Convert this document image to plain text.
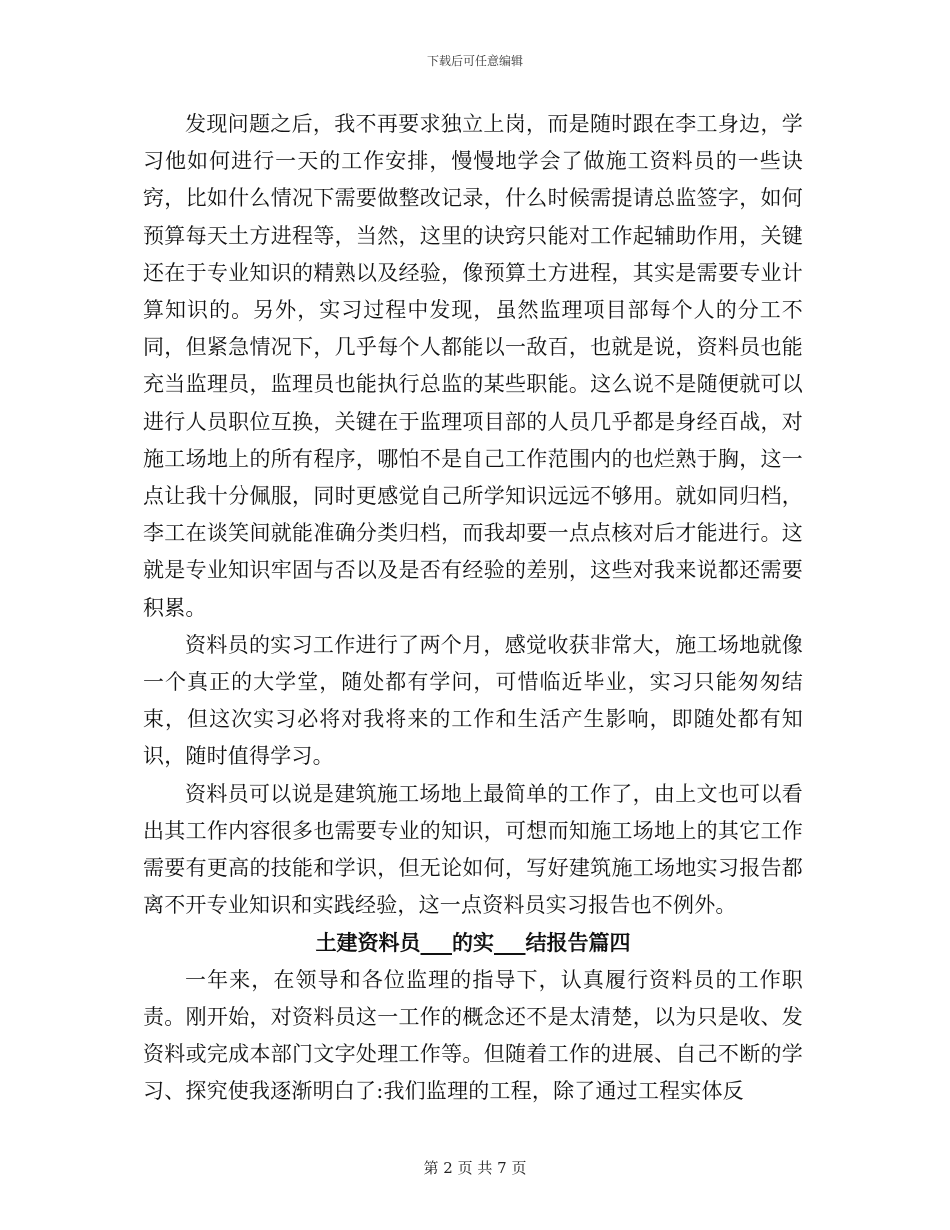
下载后可任意编辑

发现问题之后，我不再要求独立上岗，而是随时跟在李工身边，学习他如何进行一天的工作安排，慢慢地学会了做施工资料员的一些诀窍，比如什么情况下需要做整改记录，什么时候需提请总监签字，如何预算每天土方进程等，当然，这里的诀窍只能对工作起辅助作用，关键还在于专业知识的精熟以及经验，像预算土方进程，其实是需要专业计算知识的。另外，实习过程中发现，虽然监理项目部每个人的分工不同，但紧急情况下，几乎每个人都能以一敌百，也就是说，资料员也能充当监理员，监理员也能执行总监的某些职能。这么说不是随便就可以进行人员职位互换，关键在于监理项目部的人员几乎都是身经百战，对施工场地上的所有程序，哪怕不是自己工作范围内的也烂熟于胸，这一点让我十分佩服，同时更感觉自己所学知识远远不够用。就如同归档，李工在谈笑间就能准确分类归档，而我却要一点点核对后才能进行。这就是专业知识牢固与否以及是否有经验的差别，这些对我来说都还需要积累。

资料员的实习工作进行了两个月，感觉收获非常大，施工场地就像一个真正的大学堂，随处都有学问，可惜临近毕业，实习只能匆匆结束，但这次实习必将对我将来的工作和生活产生影响，即随处都有知识，随时值得学习。

资料员可以说是建筑施工场地上最简单的工作了，由上文也可以看出其工作内容很多也需要专业的知识，可想而知施工场地上的其它工作需要有更高的技能和学识，但无论如何，写好建筑施工场地实习报告都离不开专业知识和实践经验，这一点资料员实习报告也不例外。

土建资料员___的实___结报告篇四

一年来，在领导和各位监理的指导下，认真履行资料员的工作职责。刚开始，对资料员这一工作的概念还不是太清楚，以为只是收、发资料或完成本部门文字处理工作等。但随着工作的进展、自己不断的学习、探究使我逐渐明白了:我们监理的工程，除了通过工程实体反

第 2 页 共 7 页
